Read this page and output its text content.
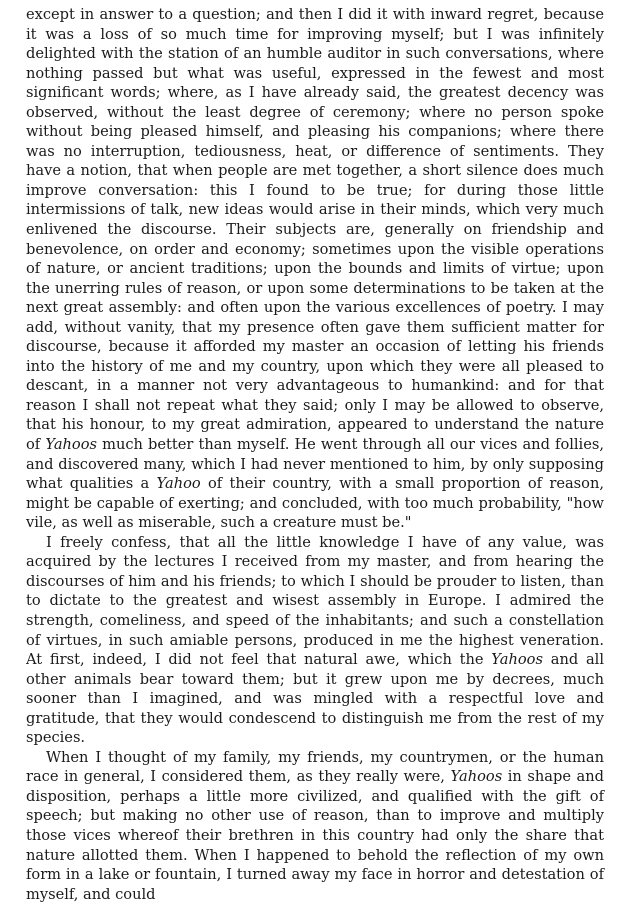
except in answer to a question; and then I did it with inward regret, because it was a loss of so much time for improving myself; but I was infinitely delighted with the station of an humble auditor in such conversations, where nothing passed but what was useful, expressed in the fewest and most significant words; where, as I have already said, the greatest decency was observed, without the least degree of ceremony; where no person spoke without being pleased himself, and pleasing his companions; where there was no interruption, tediousness, heat, or difference of sentiments. They have a notion, that when people are met together, a short silence does much improve conversation: this I found to be true; for during those little intermissions of talk, new ideas would arise in their minds, which very much enlivened the discourse. Their subjects are, generally on friendship and benevolence, on order and economy; sometimes upon the visible operations of nature, or ancient traditions; upon the bounds and limits of virtue; upon the unerring rules of reason, or upon some determinations to be taken at the next great assembly: and often upon the various excellences of poetry. I may add, without vanity, that my presence often gave them sufficient matter for discourse, because it afforded my master an occasion of letting his friends into the history of me and my country, upon which they were all pleased to descant, in a manner not very advantageous to humankind: and for that reason I shall not repeat what they said; only I may be allowed to observe, that his honour, to my great admiration, appeared to understand the nature of Yahoos much better than myself. He went through all our vices and follies, and discovered many, which I had never mentioned to him, by only supposing what qualities a Yahoo of their country, with a small proportion of reason, might be capable of exerting; and concluded, with too much probability, "how vile, as well as miserable, such a creature must be."

I freely confess, that all the little knowledge I have of any value, was acquired by the lectures I received from my master, and from hearing the discourses of him and his friends; to which I should be prouder to listen, than to dictate to the greatest and wisest assembly in Europe. I admired the strength, comeliness, and speed of the inhabitants; and such a constellation of virtues, in such amiable persons, produced in me the highest veneration. At first, indeed, I did not feel that natural awe, which the Yahoos and all other animals bear toward them; but it grew upon me by decrees, much sooner than I imagined, and was mingled with a respectful love and gratitude, that they would condescend to distinguish me from the rest of my species.

When I thought of my family, my friends, my countrymen, or the human race in general, I considered them, as they really were, Yahoos in shape and disposition, perhaps a little more civilized, and qualified with the gift of speech; but making no other use of reason, than to improve and multiply those vices whereof their brethren in this country had only the share that nature allotted them. When I happened to behold the reflection of my own form in a lake or fountain, I turned away my face in horror and detestation of myself, and could
